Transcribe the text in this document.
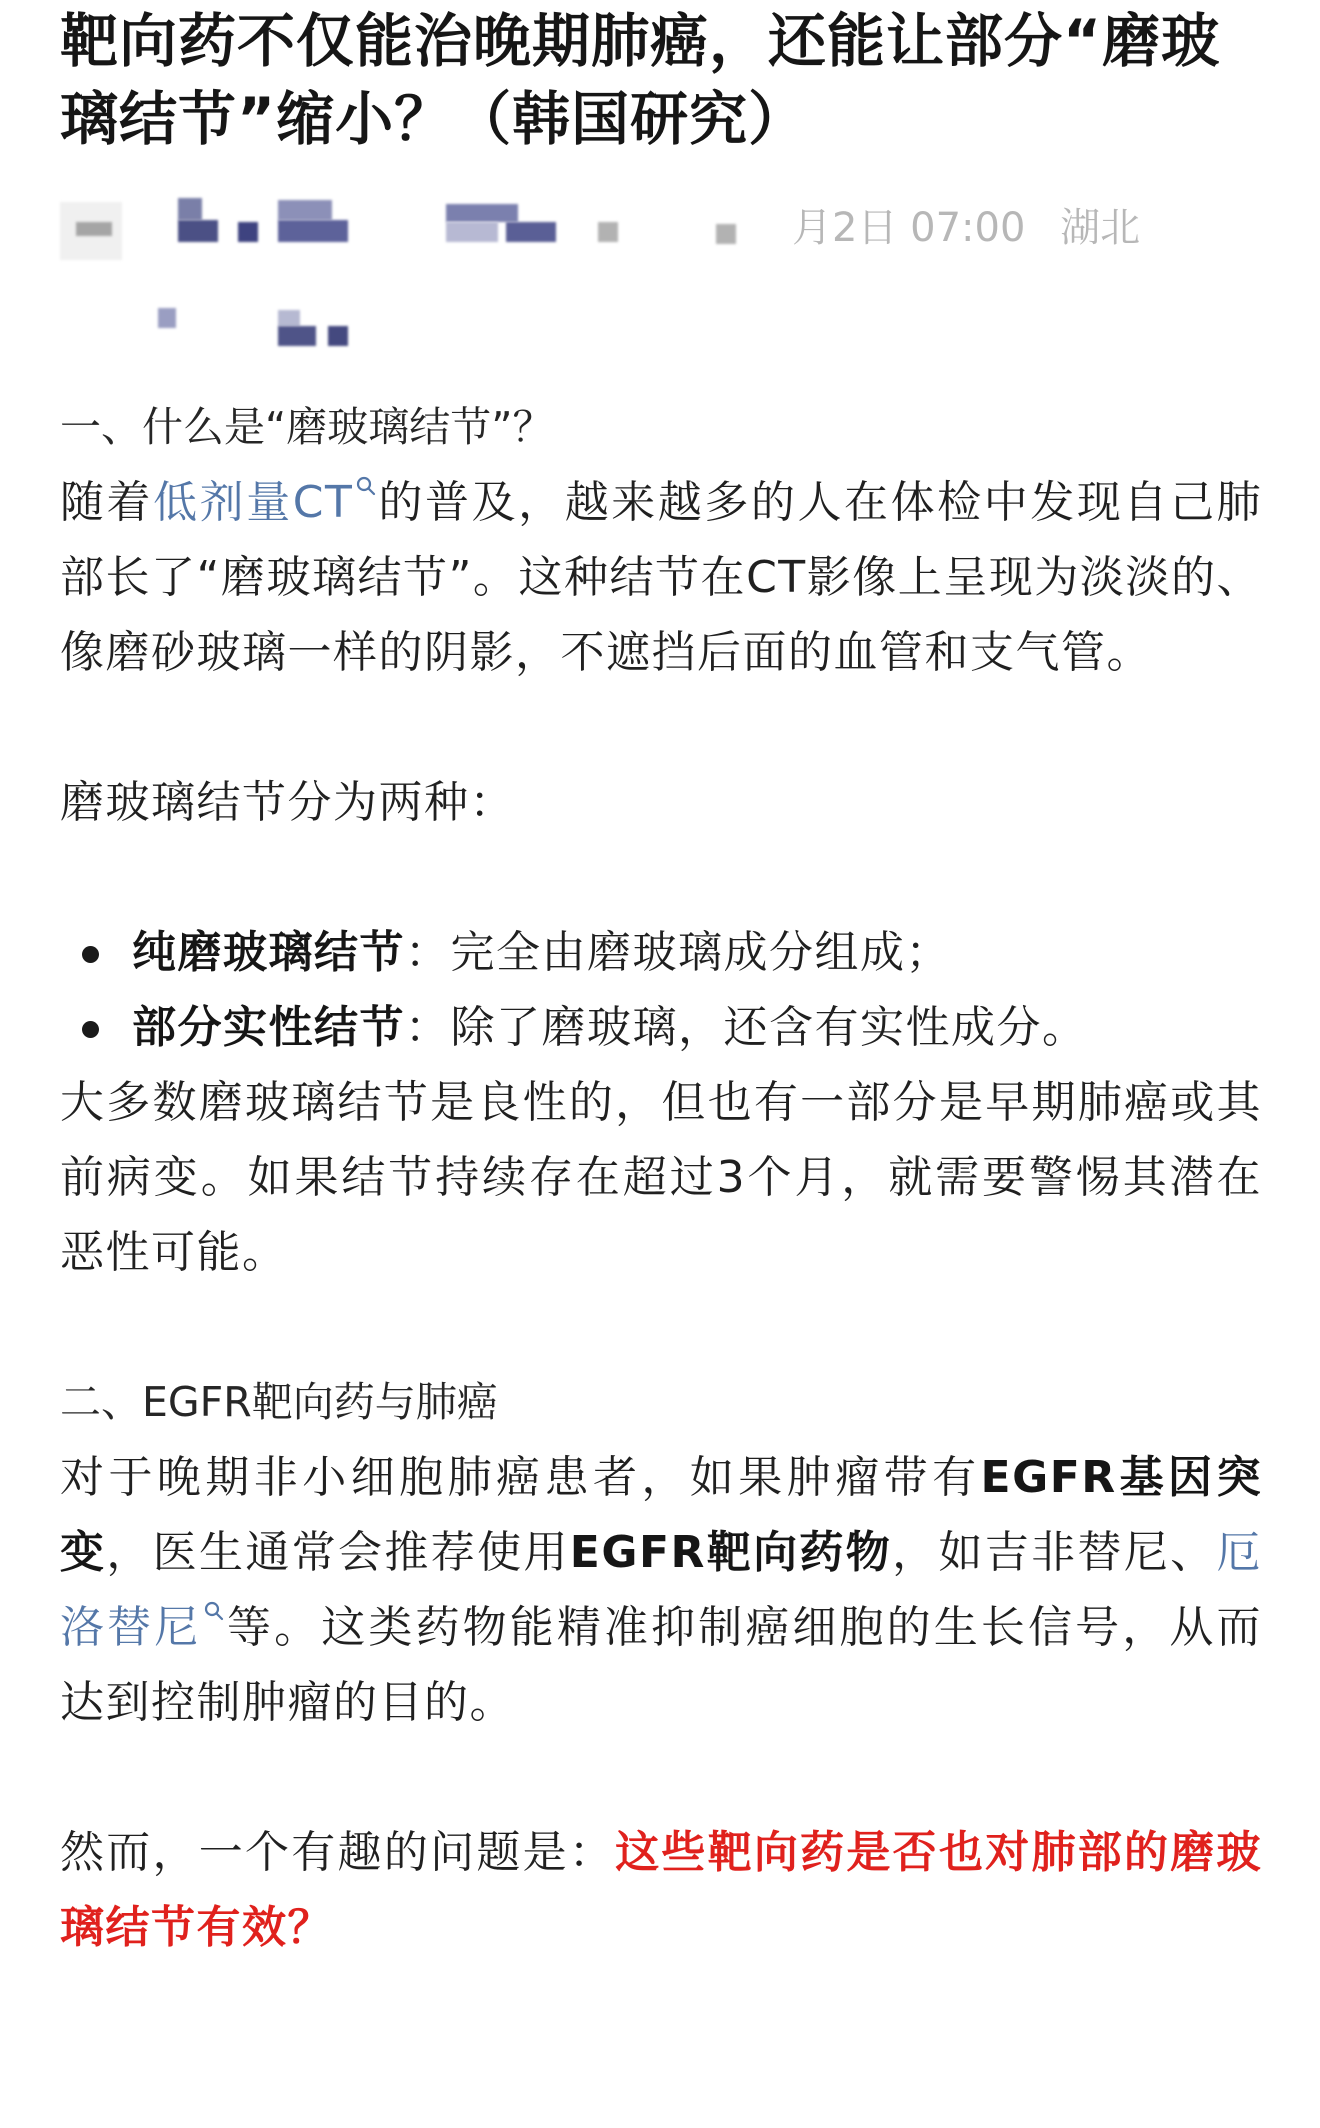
靶向药不仅能治晚期肺癌，还能让部分“磨玻璃结节”缩小？（韩国研究）
月2日 07:00 湖北
一、什么是“磨玻璃结节”？

随着低剂量CT 的普及，越来越多的人在体检中发现自己肺部长了“磨玻璃结节”。这种结节在CT影像上呈现为淡淡的、像磨砂玻璃一样的阴影，不遮挡后面的血管和支气管。

磨玻璃结节分为两种：

纯磨玻璃结节：完全由磨玻璃成分组成；
部分实性结节：除了磨玻璃，还含有实性成分。

大多数磨玻璃结节是良性的，但也有一部分是早期肺癌或其前病变。如果结节持续存在超过3个月，就需要警惕其潜在恶性可能。

二、EGFR靶向药与肺癌

对于晚期非小细胞肺癌患者，如果肿瘤带有EGFR基因突变，医生通常会推荐使用EGFR靶向药物，如吉非替尼、厄洛替尼 等。这类药物能精准抑制癌细胞的生长信号，从而达到控制肿瘤的目的。

然而，一个有趣的问题是：这些靶向药是否也对肺部的磨玻璃结节有效？
